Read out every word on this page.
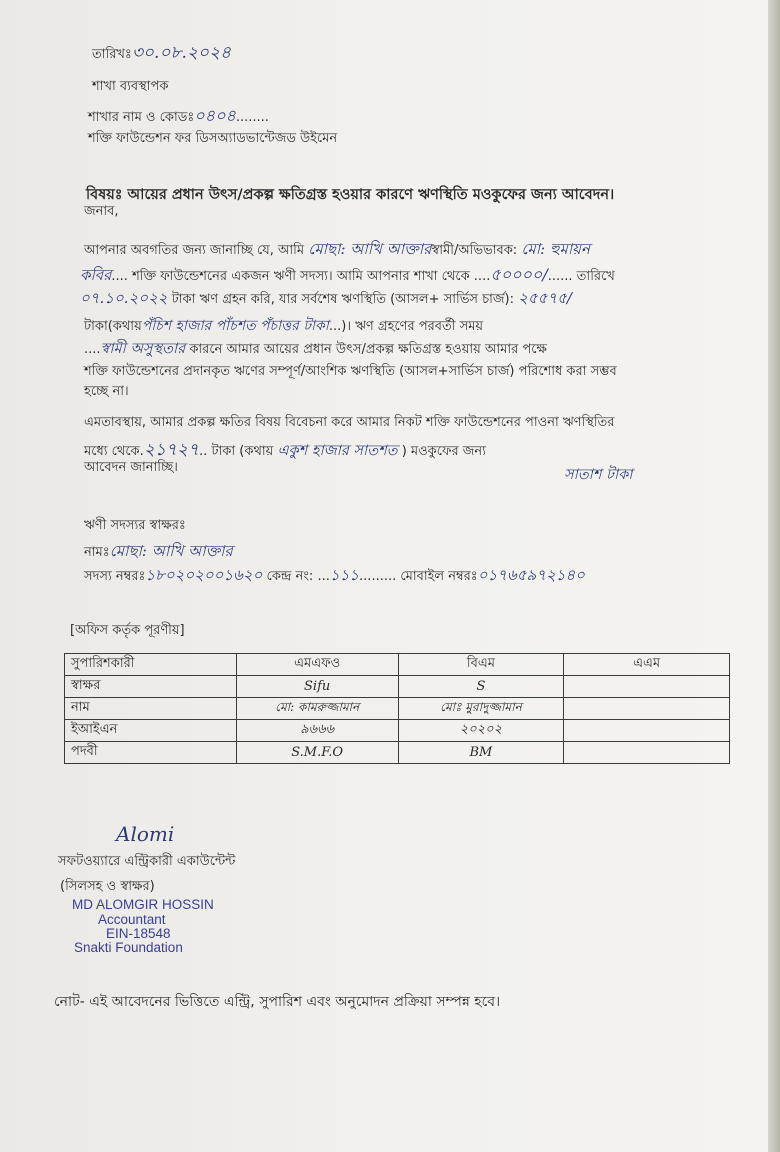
তারিখঃ৩০.০৮.২০২৪
শাখা ব্যবস্থাপক
শাখার নাম ও কোডঃ০৪০৪........
শক্তি ফাউন্ডেশন ফর ডিসঅ্যাডভান্টেজড উইমেন
বিষয়ঃ আয়ের প্রধান উৎস/প্রকল্প ক্ষতিগ্রস্ত হওয়ার কারণে ঋণস্থিতি মওকুফের জন্য আবেদন।
জনাব,
আপনার অবগতির জন্য জানাচ্ছি যে, আমি মোছা: আখি আক্তারস্বামী/অভিভাবক: মো: হুমায়ন
কবির.... শক্তি ফাউন্ডেশনের একজন ঋণী সদস্য। আমি আপনার শাখা থেকে ....৫০০০০/...... তারিখে
০৭.১০.২০২২ টাকা ঋণ গ্রহন করি, যার সর্বশেষ ঋণস্থিতি (আসল+ সার্ভিস চার্জ): ২৫৫৭৫/
টাকা(কথায়পঁচিশ হাজার পাঁচশত পঁচাত্তর টাকা...)। ঋণ গ্রহণের পরবর্তী সময়
....স্বামী অসুস্থতার কারনে আমার আয়ের প্রধান উৎস/প্রকল্প ক্ষতিগ্রস্ত হওয়ায় আমার পক্ষে
শক্তি ফাউন্ডেশনের প্রদানকৃত ঋণের সম্পূর্ণ/আংশিক ঋণস্থিতি (আসল+সার্ভিস চার্জ) পরিশোধ করা সম্ভব
হচ্ছে না।
এমতাবস্থায়, আমার প্রকল্প ক্ষতির বিষয় বিবেচনা করে আমার নিকট শক্তি ফাউন্ডেশনের পাওনা ঋণস্থিতির
মধ্যে থেকে.২১৭২৭.. টাকা (কথায় একুশ হাজার সাতশত ) মওকুফের জন্য
আবেদন জানাচ্ছি।	সাতাশ টাকা
ঋণী সদস্যর স্বাক্ষরঃ
নামঃমোছা: আখি আক্তার
সদস্য নম্বরঃ১৮০২০২০০১৬২০ কেন্দ্র নং: ...১১১......... মোবাইল নম্বরঃ০১৭৬৫৯৭২১৪০
[অফিস কর্তৃক পূরণীয়]
সুপারিশকারী	এমএফও	বিএম	এএম
স্বাক্ষর	Sifu	S	
নাম	মো: কামরুজ্জামান	মোঃ মুরাদুজ্জামান	
ইআইএন	৯৬৬৬	২০২০২	
পদবী	S.M.F.O	BM	
Alomi
সফটওয়্যারে এন্ট্রিকারী একাউন্টেন্ট
(সিলসহ ও স্বাক্ষর)
MD ALOMGIR HOSSIN
Accountant
EIN-18548
Snakti Foundation
নোট- এই আবেদনের ভিত্তিতে এন্ট্রি, সুপারিশ এবং অনুমোদন প্রক্রিয়া সম্পন্ন হবে।
